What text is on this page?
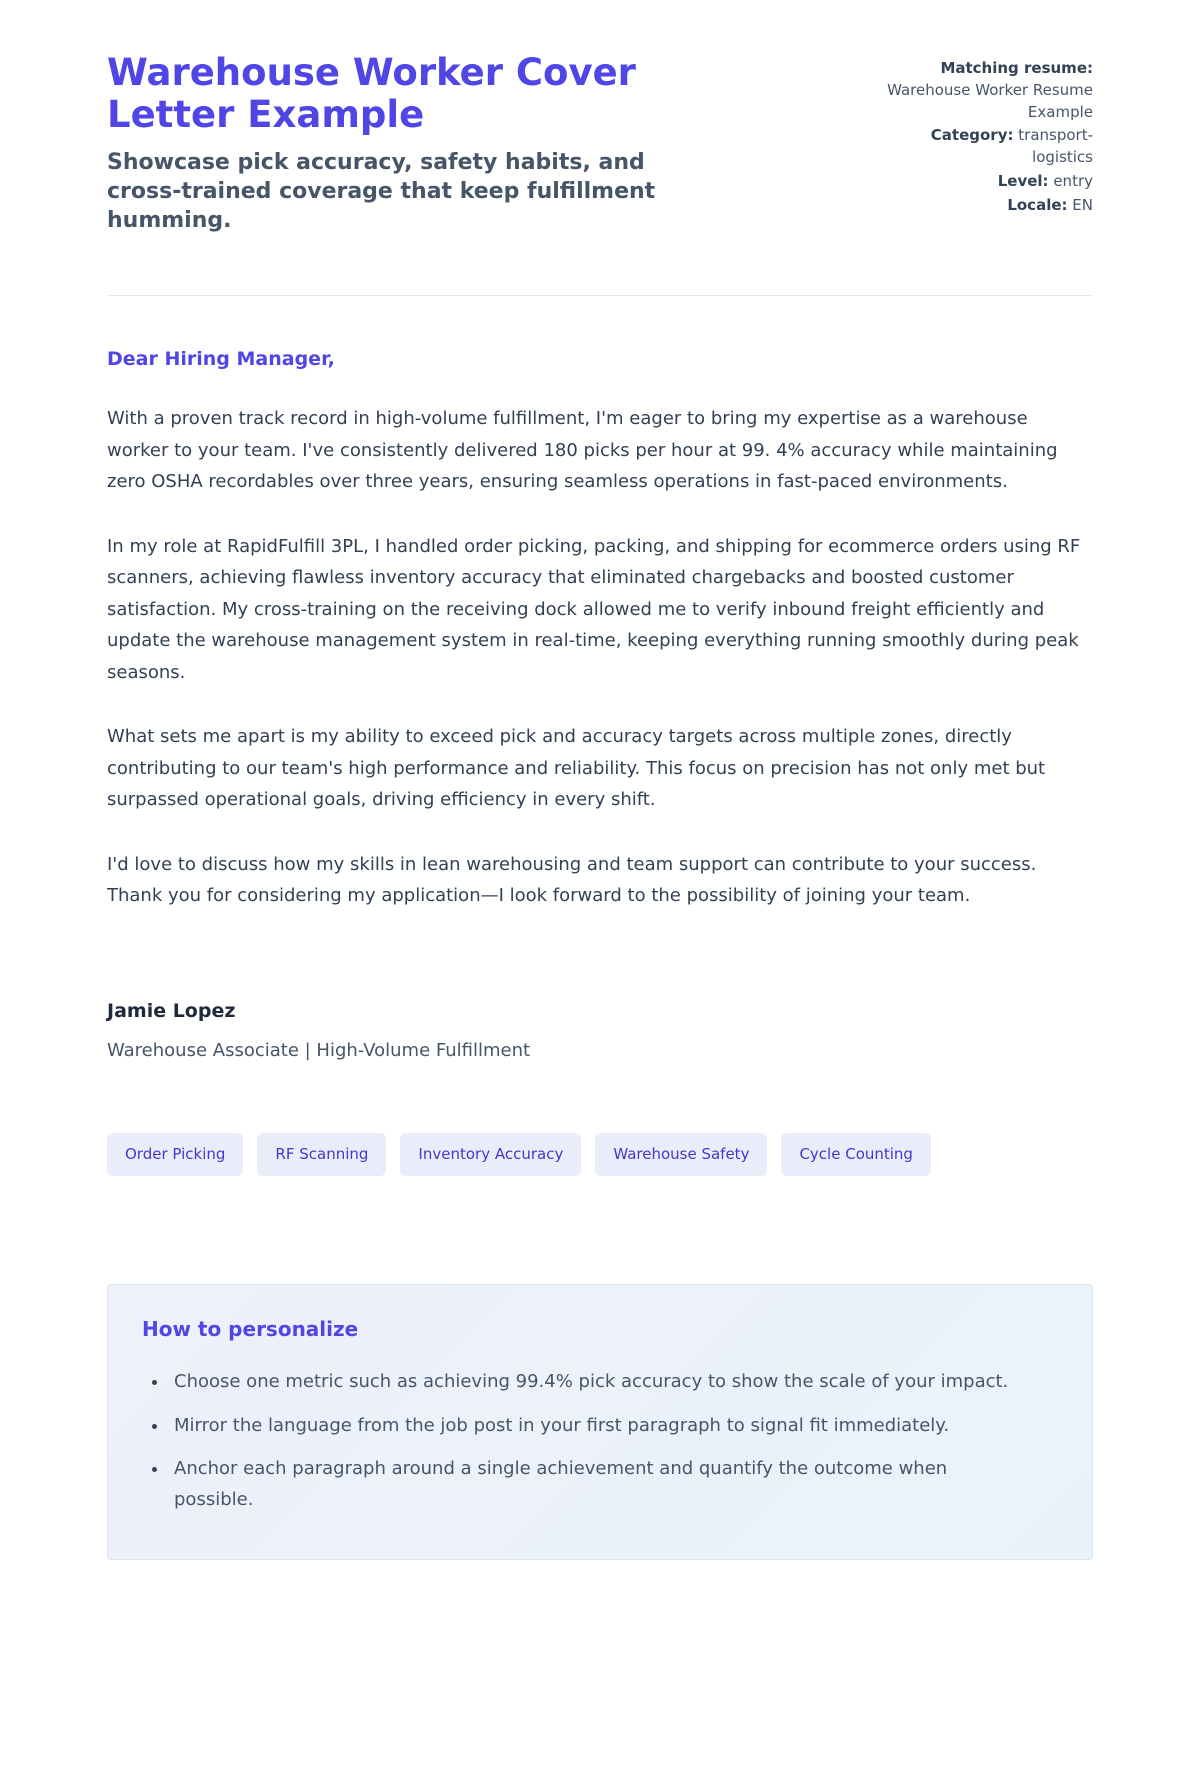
Warehouse Worker Cover Letter Example
Showcase pick accuracy, safety habits, and cross-trained coverage that keep fulfillment humming.
Matching resume: Warehouse Worker Resume Example
Category: transport-logistics
Level: entry
Locale: EN
Dear Hiring Manager,

With a proven track record in high-volume fulfillment, I'm eager to bring my expertise as a warehouse worker to your team. I've consistently delivered 180 picks per hour at 99. 4% accuracy while maintaining zero OSHA recordables over three years, ensuring seamless operations in fast-paced environments.

In my role at RapidFulfill 3PL, I handled order picking, packing, and shipping for ecommerce orders using RF scanners, achieving flawless inventory accuracy that eliminated chargebacks and boosted customer satisfaction. My cross-training on the receiving dock allowed me to verify inbound freight efficiently and update the warehouse management system in real-time, keeping everything running smoothly during peak seasons.

What sets me apart is my ability to exceed pick and accuracy targets across multiple zones, directly contributing to our team's high performance and reliability. This focus on precision has not only met but surpassed operational goals, driving efficiency in every shift.

I'd love to discuss how my skills in lean warehousing and team support can contribute to your success. Thank you for considering my application—I look forward to the possibility of joining your team.

Jamie Lopez
Warehouse Associate | High-Volume Fulfillment
Order Picking	RF Scanning	Inventory Accuracy	Warehouse Safety	Cycle Counting
How to personalize
• Choose one metric such as achieving 99.4% pick accuracy to show the scale of your impact.
• Mirror the language from the job post in your first paragraph to signal fit immediately.
• Anchor each paragraph around a single achievement and quantify the outcome when possible.
